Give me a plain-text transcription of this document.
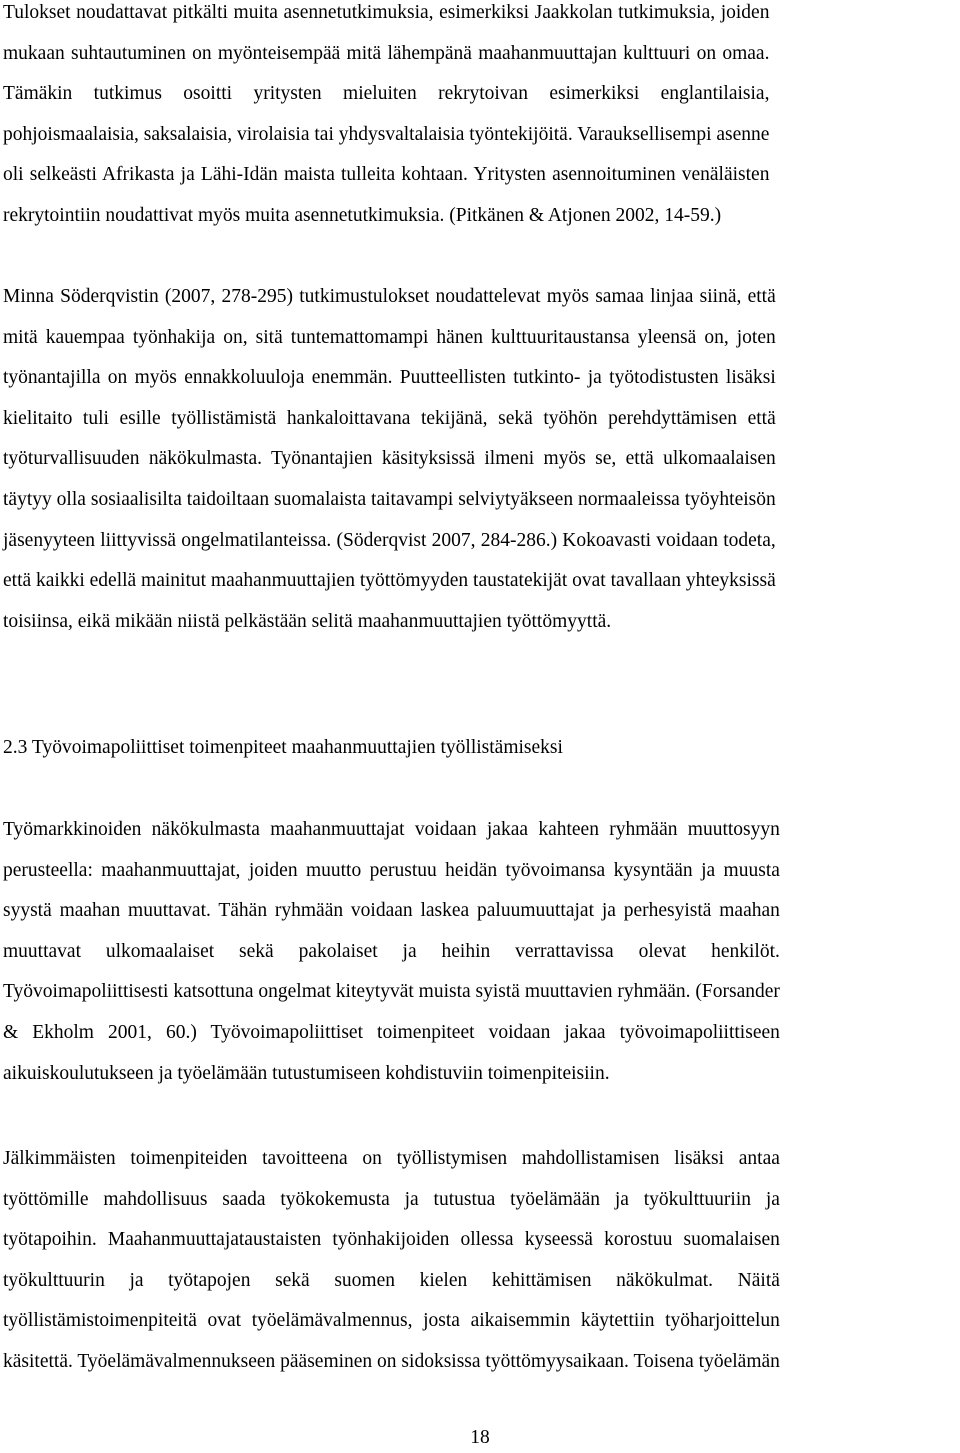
Tulokset noudattavat pitkälti muita asennetutkimuksia, esimerkiksi Jaakkolan tutkimuksia, joiden
mukaan suhtautuminen on myönteisempää mitä lähempänä maahanmuuttajan kulttuuri on omaa.
Tämäkin tutkimus osoitti yritysten mieluiten rekrytoivan esimerkiksi englantilaisia,
pohjoismaalaisia, saksalaisia, virolaisia tai yhdysvaltalaisia työntekijöitä. Varauksellisempi asenne
oli selkeästi Afrikasta ja Lähi-Idän maista tulleita kohtaan. Yritysten asennoituminen venäläisten
rekrytointiin noudattivat myös muita asennetutkimuksia. (Pitkänen & Atjonen 2002, 14-59.)

Minna Söderqvistin (2007, 278-295) tutkimustulokset noudattelevat myös samaa linjaa siinä, että
mitä kauempaa työnhakija on, sitä tuntemattomampi hänen kulttuuritaustansa yleensä on, joten
työnantajilla on myös ennakkoluuloja enemmän. Puutteellisten tutkinto- ja työtodistusten lisäksi
kielitaito tuli esille työllistämistä hankaloittavana tekijänä, sekä työhön perehdyttämisen että
työturvallisuuden näkökulmasta. Työnantajien käsityksissä ilmeni myös se, että ulkomaalaisen
täytyy olla sosiaalisilta taidoiltaan suomalaista taitavampi selviytyäkseen normaaleissa työyhteisön
jäsenyyteen liittyvissä ongelmatilanteissa. (Söderqvist 2007, 284-286.) Kokoavasti voidaan todeta,
että kaikki edellä mainitut maahanmuuttajien työttömyyden taustatekijät ovat tavallaan yhteyksissä
toisiinsa, eikä mikään niistä pelkästään selitä maahanmuuttajien työttömyyttä.

2.3 Työvoimapoliittiset toimenpiteet maahanmuuttajien työllistämiseksi

Työmarkkinoiden näkökulmasta maahanmuuttajat voidaan jakaa kahteen ryhmään muuttosyyn
perusteella: maahanmuuttajat, joiden muutto perustuu heidän työvoimansa kysyntään ja muusta
syystä maahan muuttavat. Tähän ryhmään voidaan laskea paluumuuttajat ja perhesyistä maahan
muuttavat ulkomaalaiset sekä pakolaiset ja heihin verrattavissa olevat henkilöt.
Työvoimapoliittisesti katsottuna ongelmat kiteytyvät muista syistä muuttavien ryhmään. (Forsander
& Ekholm 2001, 60.) Työvoimapoliittiset toimenpiteet voidaan jakaa työvoimapoliittiseen
aikuiskoulutukseen ja työelämään tutustumiseen kohdistuviin toimenpiteisiin.

Jälkimmäisten toimenpiteiden tavoitteena on työllistymisen mahdollistamisen lisäksi antaa
työttömille mahdollisuus saada työkokemusta ja tutustua työelämään ja työkulttuuriin ja
työtapoihin. Maahanmuuttajataustaisten työnhakijoiden ollessa kyseessä korostuu suomalaisen
työkulttuurin ja työtapojen sekä suomen kielen kehittämisen näkökulmat. Näitä
työllistämistoimenpiteitä ovat työelämävalmennus, josta aikaisemmin käytettiin työharjoittelun
käsitettä. Työelämävalmennukseen pääseminen on sidoksissa työttömyysaikaan. Toisena työelämän

18
